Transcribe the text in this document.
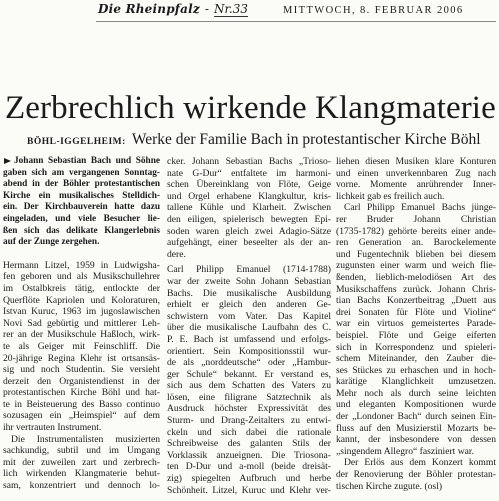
Die Rheinpfalz - Nr.33	MITTWOCH, 8. FEBRUAR 2006
Zerbrechlich wirkende Klangmaterie
BÖHL-IGGELHEIM: Werke der Familie Bach in protestantischer Kirche Böhl
Johann Sebastian Bach und Söhne
gaben sich am vergangenen Sonntag-
abend in der Böhler protestantischen
Kirche ein musikalisches Stelldich-
ein. Der Kirchbauverein hatte dazu
eingeladen, und viele Besucher lie-
ßen sich das delikate Klangerlebnis
auf der Zunge zergehen.
Hermann Litzel, 1959 in Ludwigsha-
fen geboren und als Musikschullehrer
im Ostalbkreis tätig, entlockte der
Querflöte Kapriolen und Koloraturen,
Istvan Kuruc, 1963 im jugoslawischen
Novi Sad gebürtig und mittlerer Leh-
rer an der Musikschule Haßloch, wirk-
te als Geiger mit Feinschliff. Die
20-jährige Regina Klehr ist ortsansäs-
sig und noch Studentin. Sie versieht
derzeit den Organistendienst in der
protestantischen Kirche Böhl und hat-
te in Beisteuerung des Basso continuo
sozusagen ein „Heimspiel“ auf dem
ihr vertrauten Instrument.
Die Instrumentalisten musizierten
sachkundig, subtil und im Umgang
mit der zuweilen zart und zerbrech-
lich wirkenden Klangmaterie behut-
sam, konzentriert und dennoch lo-
cker. Johann Sebastian Bachs „Trioso-
nate G-Dur“ entfaltete im harmoni-
schen Übereinklang von Flöte, Geige
und Orgel erhabene Klangkultur, kris-
tallene Kühle und Klarheit. Zwischen
den eiligen, spielerisch bewegten Epi-
soden waren gleich zwei Adagio-Sätze
aufgehängt, einer beseelter als der an-
dere.
Carl Philipp Emanuel (1714-1788)
war der zweite Sohn Johann Sebastian
Bachs. Die musikalische Ausbildung
erhielt er gleich den anderen Ge-
schwistern vom Vater. Das Kapitel
über die musikalische Laufbahn des C.
P. E. Bach ist umfassend und erfolgs-
orientiert. Sein Kompositionsstil wur-
de als „norddeutsche“ oder „Hambur-
ger Schule“ bekannt. Er verstand es,
sich aus dem Schatten des Vaters zu
lösen, eine filigrane Satztechnik als
Ausdruck höchster Expressivität des
Sturm- und Drang-Zeitalters zu entwi-
ckeln und sich dabei die rationale
Schreibweise des galanten Stils der
Vorklassik anzueignen. Die Triosona-
ten D-Dur und a-moll (beide dreisät-
zig) spiegelten Aufbruch und herbe
Schönheit. Litzel, Kuruc und Klehr ver-
liehen diesen Musiken klare Konturen
und einen unverkennbaren Zug nach
vorne. Momente anrührender Inner-
lichkeit gab es freilich auch.
Carl Philipp Emanuel Bachs jünge-
rer Bruder Johann Christian
(1735-1782) gehörte bereits einer ande-
ren Generation an. Barockelemente
und Fugentechnik blieben bei diesem
zugunsten einer warm und weich flie-
ßenden, lieblich-melodiösen Art des
Musikschaffens zurück. Johann Chris-
tian Bachs Konzertbeitrag „Duett aus
drei Sonaten für Flöte und Violine“
war ein virtuos gemeistertes Parade-
beispiel. Flöte und Geige eiferten
sich in Korrespondenz und spieleri-
schem Miteinander, den Zauber die-
ses Stückes zu erhaschen und in hoch-
karätige Klanglichkeit umzusetzen.
Mehr noch als durch seine leichten
und eleganten Kompositionen wurde
der „Londoner Bach“ durch seinen Ein-
fluss auf den Musizierstil Mozarts be-
kannt, der insbesondere von dessen
„singendem Allegro“ fasziniert war.
Der Erlös aus dem Konzert kommt
der Renovierung der Böhler protestan-
tischen Kirche zugute. (osl)
